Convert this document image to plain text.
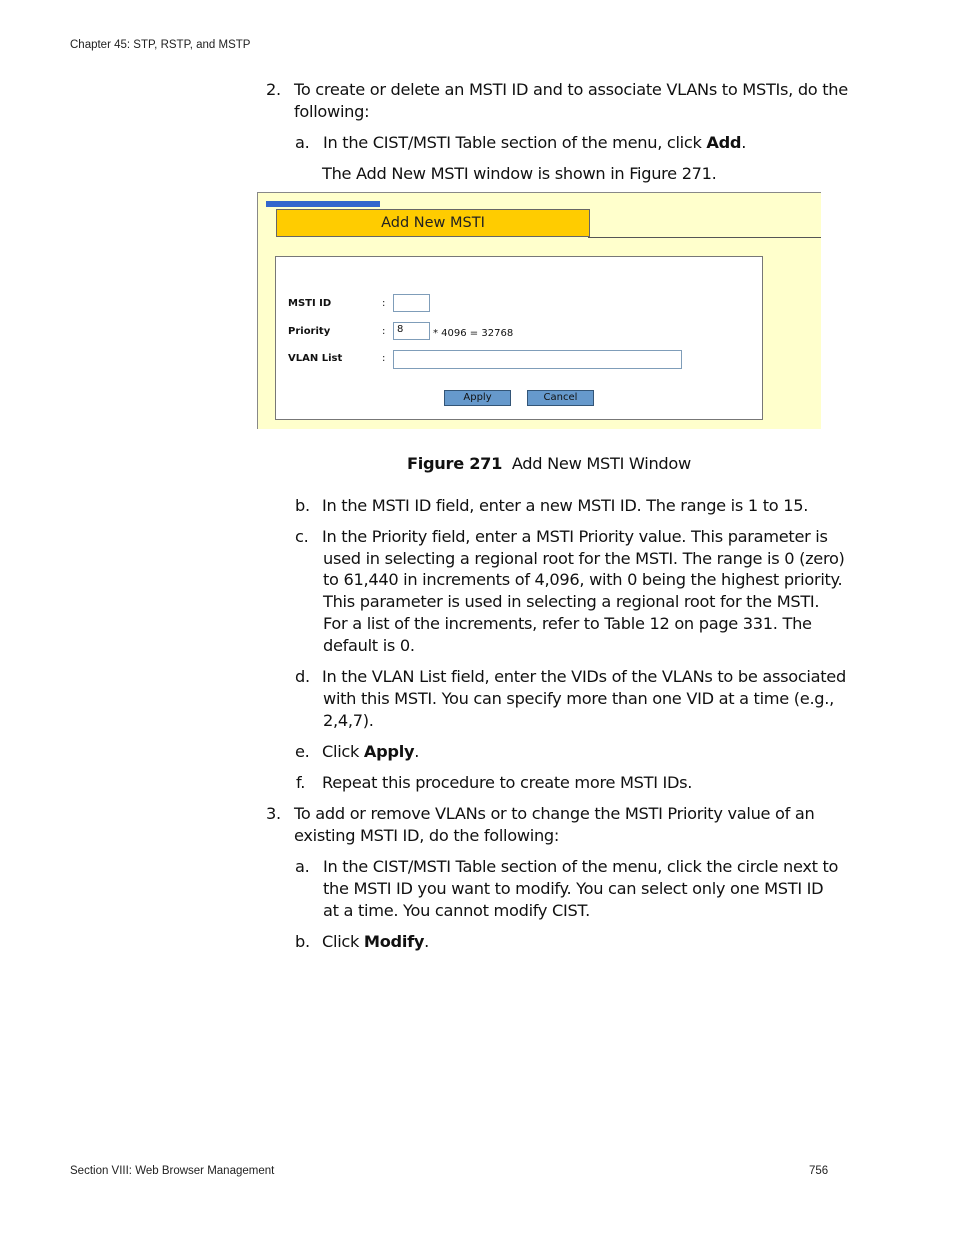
Chapter 45: STP, RSTP, and MSTP
2. To create or delete an MSTI ID and to associate VLANs to MSTIs, do the
following:
a. In the CIST/MSTI Table section of the menu, click Add.
The Add New MSTI window is shown in Figure 271.
Add New MSTI
MSTI ID	:
Priority	:	8	* 4096 = 32768
VLAN List	:
Apply	Cancel
Figure 271 Add New MSTI Window
b. In the MSTI ID field, enter a new MSTI ID. The range is 1 to 15.
c. In the Priority field, enter a MSTI Priority value. This parameter is
used in selecting a regional root for the MSTI. The range is 0 (zero)
to 61,440 in increments of 4,096, with 0 being the highest priority.
This parameter is used in selecting a regional root for the MSTI.
For a list of the increments, refer to Table 12 on page 331. The
default is 0.
d. In the VLAN List field, enter the VIDs of the VLANs to be associated
with this MSTI. You can specify more than one VID at a time (e.g.,
2,4,7).
e. Click Apply.
f. Repeat this procedure to create more MSTI IDs.
3. To add or remove VLANs or to change the MSTI Priority value of an
existing MSTI ID, do the following:
a. In the CIST/MSTI Table section of the menu, click the circle next to
the MSTI ID you want to modify. You can select only one MSTI ID
at a time. You cannot modify CIST.
b. Click Modify.
Section VIII: Web Browser Management	756
